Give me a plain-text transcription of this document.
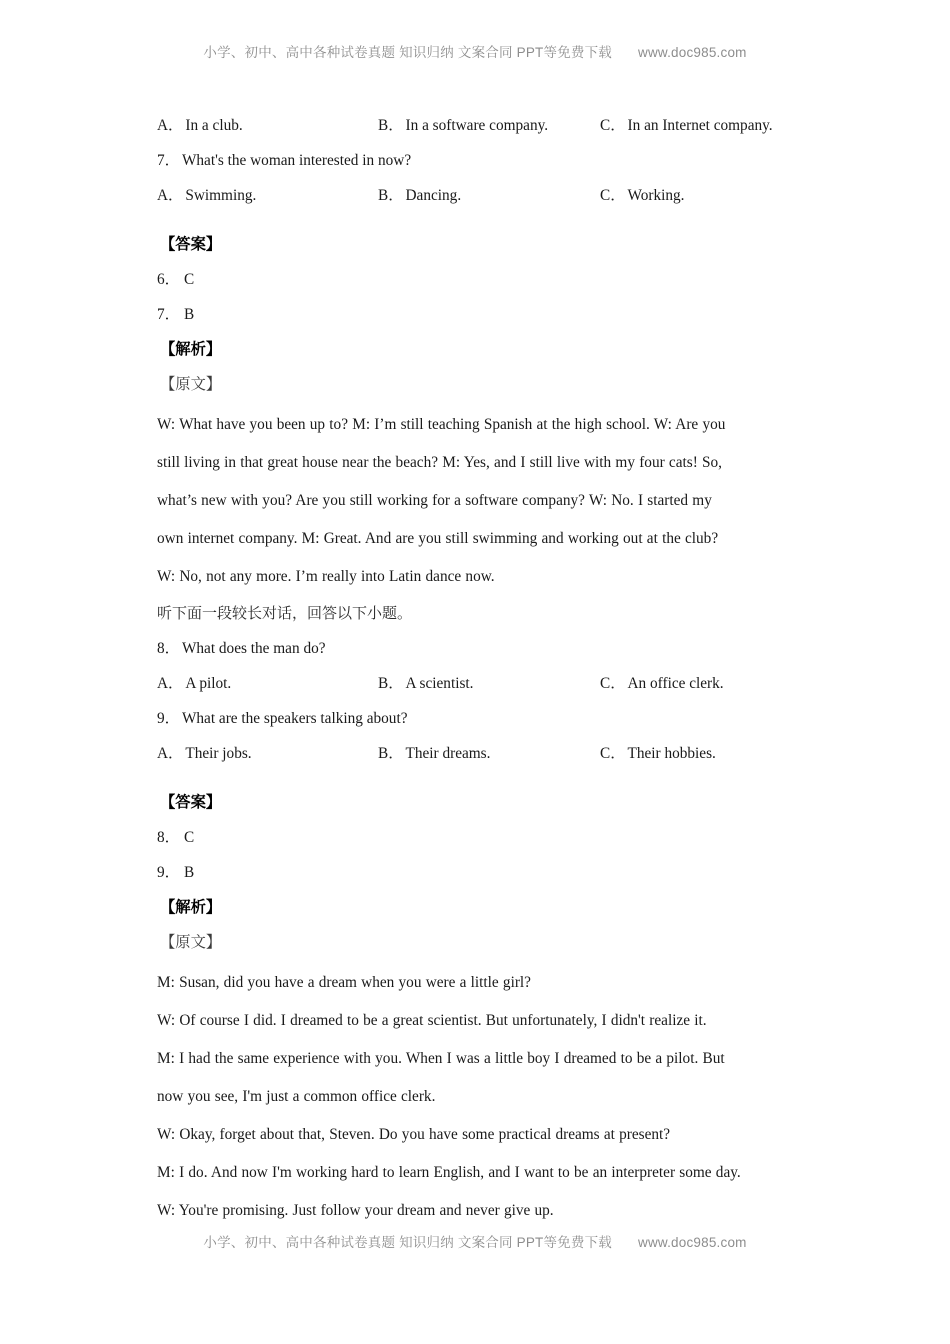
小学、初中、高中各种试卷真题 知识归纳 文案合同 PPT等免费下载 www.doc985.com
A． In a club.	B． In a software company.	C． In an Internet company.
7． What's the woman interested in now?
A． Swimming.	B． Dancing.	C． Working.
【答案】
6． C
7． B
【解析】
【原文】
W: What have you been up to? M: I’m still teaching Spanish at the high school. W: Are you
still living in that great house near the beach? M: Yes, and I still live with my four cats! So,
what’s new with you? Are you still working for a software company? W: No. I started my
own internet company. M: Great. And are you still swimming and working out at the club?
W: No, not any more. I’m really into Latin dance now.
听下面一段较长对话，回答以下小题。
8． What does the man do?
A． A pilot.	B． A scientist.	C． An office clerk.
9． What are the speakers talking about?
A． Their jobs.	B． Their dreams.	C． Their hobbies.
【答案】
8． C
9． B
【解析】
【原文】
M: Susan, did you have a dream when you were a little girl?
W: Of course I did. I dreamed to be a great scientist. But unfortunately, I didn't realize it.
M: I had the same experience with you. When I was a little boy I dreamed to be a pilot. But
now you see, I'm just a common office clerk.
W: Okay, forget about that, Steven. Do you have some practical dreams at present?
M: I do. And now I'm working hard to learn English, and I want to be an interpreter some day.
W: You're promising. Just follow your dream and never give up.
小学、初中、高中各种试卷真题 知识归纳 文案合同 PPT等免费下载 www.doc985.com
